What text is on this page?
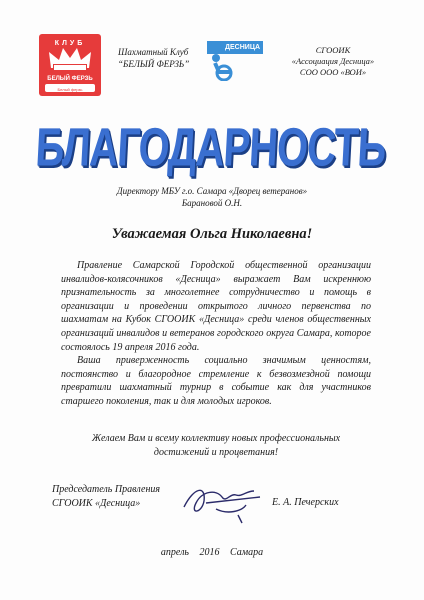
КЛУБ
БЕЛЫЙ ФЕРЗЬ
Белый ферзь
Шахматный Клуб
“БЕЛЫЙ ФЕРЗЬ”
ДЕСНИЦА	СГООИК
«Ассоциация Десница»
СОО ООО «ВОИ»
БЛАГОДАРНОСТЬ
Директору МБУ г.о. Самара «Дворец ветеранов»
Барановой О.Н.
Уважаемая Ольга Николаевна!

Правление Самарской Городской общественной организации инвалидов-колясочников «Десница» выражает Вам искреннюю признательность за многолетнее сотрудничество и помощь в организации и проведении открытого личного первенства по шахматам на Кубок СГООИК «Десница» среди членов общественных организаций инвалидов и ветеранов городского округа Самара, которое состоялось 19 апреля 2016 года.

Ваша приверженность социально значимым ценностям, постоянство и благородное стремление к безвозмездной помощи превратили шахматный турнир в событие как для участников старшего поколения, так и для молодых игроков.

Желаем Вам и всему коллективу новых профессиональных
достижений и процветания!
Председатель Правления
СГООИК «Десница»	Е. А. Печерских
апрель 2016 Самара
